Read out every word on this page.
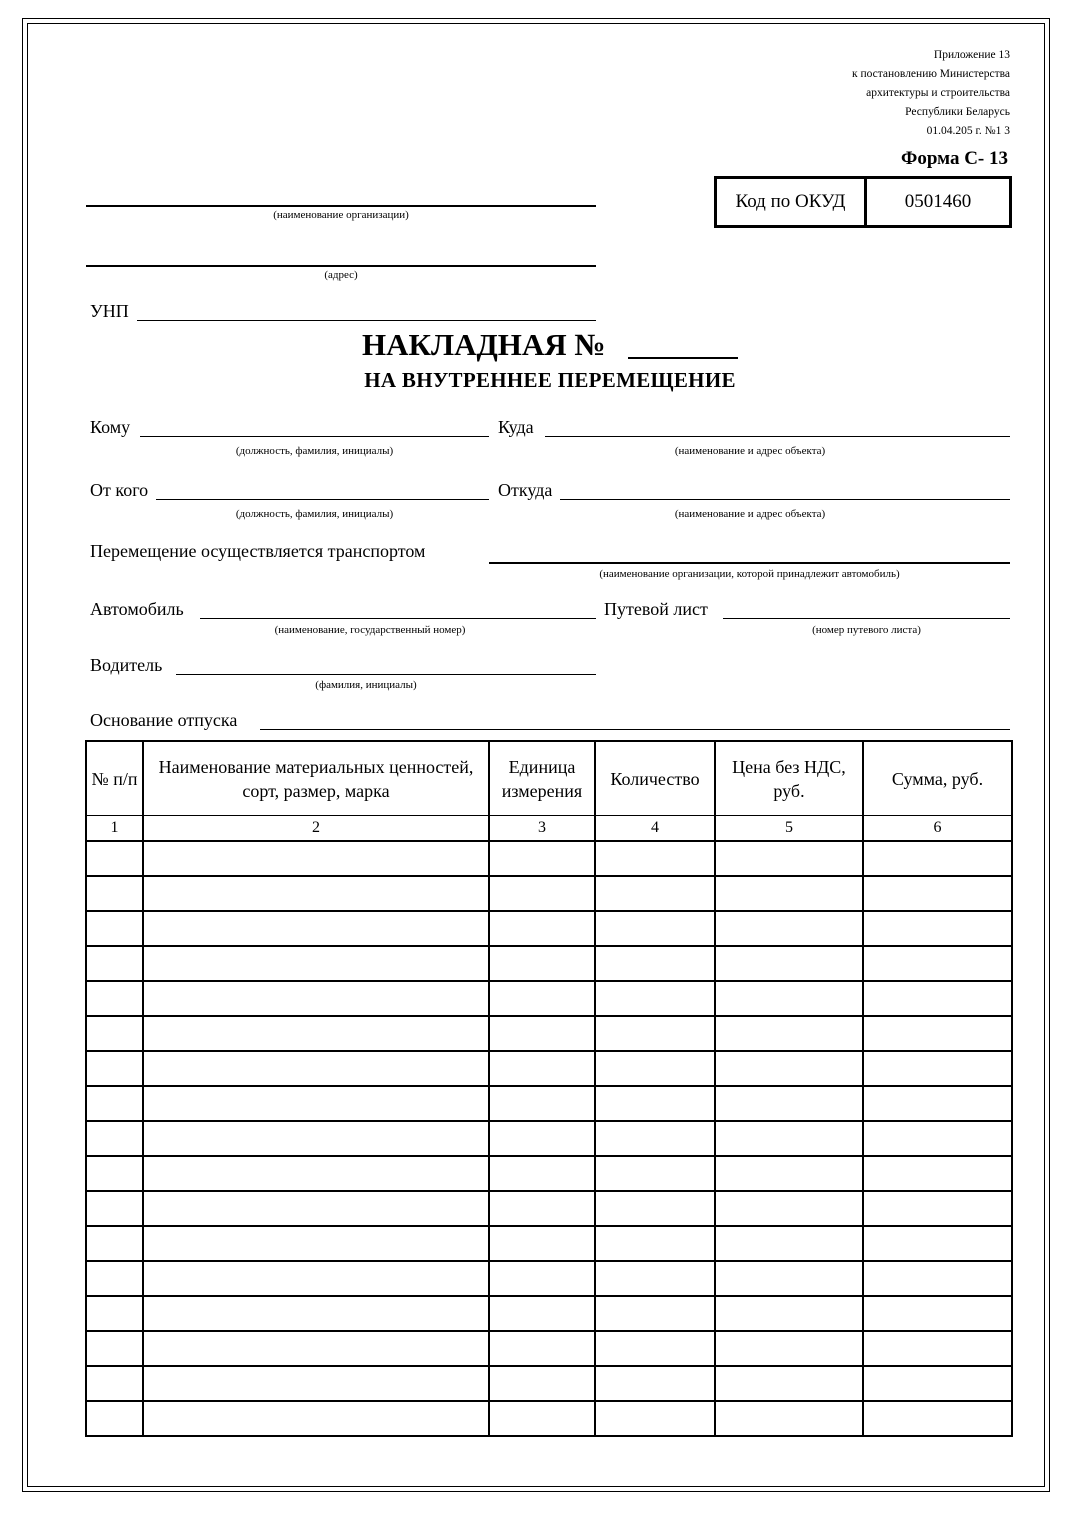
Приложение 13
к постановлению Министерства
архитектуры и строительства
Республики Беларусь
01.04.205 г. №1 3
Форма С- 13
Код по ОКУД	0501460
(наименование организации)
(адрес)
УНП
НАКЛАДНАЯ №
НА ВНУТРЕННЕЕ ПЕРЕМЕЩЕНИЕ
Кому
(должность, фамилия, инициалы)
Куда
(наименование и адрес объекта)
От кого
(должность, фамилия, инициалы)
Откуда
(наименование и адрес объекта)
Перемещение осуществляется транспортом
(наименование организации, которой принадлежит автомобиль)
Автомобиль
(наименование, государственный номер)
Путевой лист
(номер путевого листа)
Водитель
(фамилия, инициалы)
Основание отпуска
№ п/п	Наименование материальных ценностей, сорт, размер, марка	Единица измерения	Количество	Цена без НДС, руб.	Сумма, руб.
1	2	3	4	5	6
